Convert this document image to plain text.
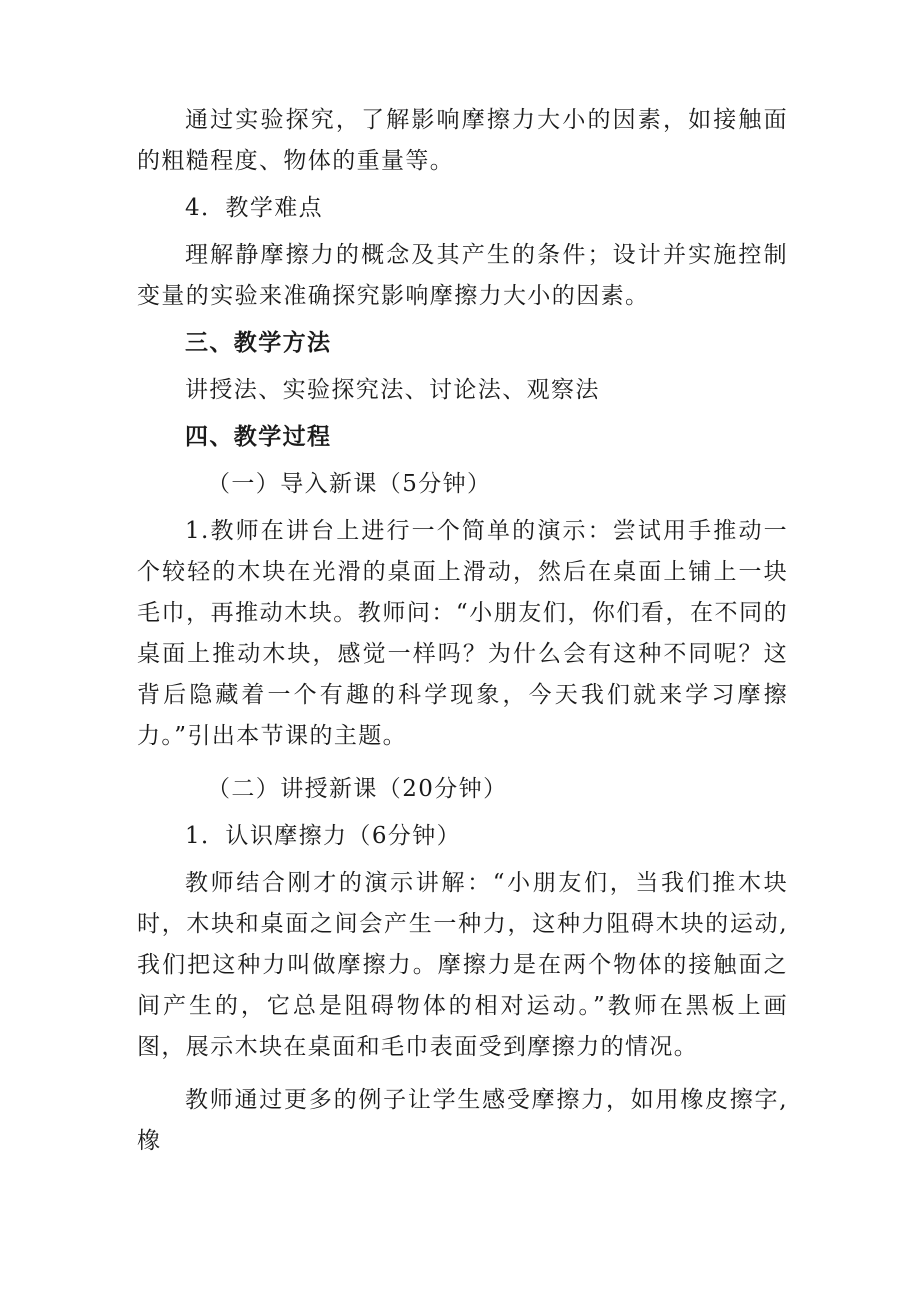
通过实验探究，了解影响摩擦力大小的因素，如接触面的粗糙程度、物体的重量等。

4．教学难点

理解静摩擦力的概念及其产生的条件；设计并实施控制变量的实验来准确探究影响摩擦力大小的因素。

三、教学方法

讲授法、实验探究法、讨论法、观察法

四、教学过程

（一）导入新课（5分钟）

1.教师在讲台上进行一个简单的演示：尝试用手推动一个较轻的木块在光滑的桌面上滑动，然后在桌面上铺上一块毛巾，再推动木块。教师问：“小朋友们，你们看，在不同的桌面上推动木块，感觉一样吗？为什么会有这种不同呢？这背后隐藏着一个有趣的科学现象，今天我们就来学习摩擦力。”引出本节课的主题。

（二）讲授新课（20分钟）

1．认识摩擦力（6分钟）

教师结合刚才的演示讲解：“小朋友们，当我们推木块时，木块和桌面之间会产生一种力，这种力阻碍木块的运动,我们把这种力叫做摩擦力。摩擦力是在两个物体的接触面之间产生的，它总是阻碍物体的相对运动。”教师在黑板上画图，展示木块在桌面和毛巾表面受到摩擦力的情况。

教师通过更多的例子让学生感受摩擦力，如用橡皮擦字,橡
